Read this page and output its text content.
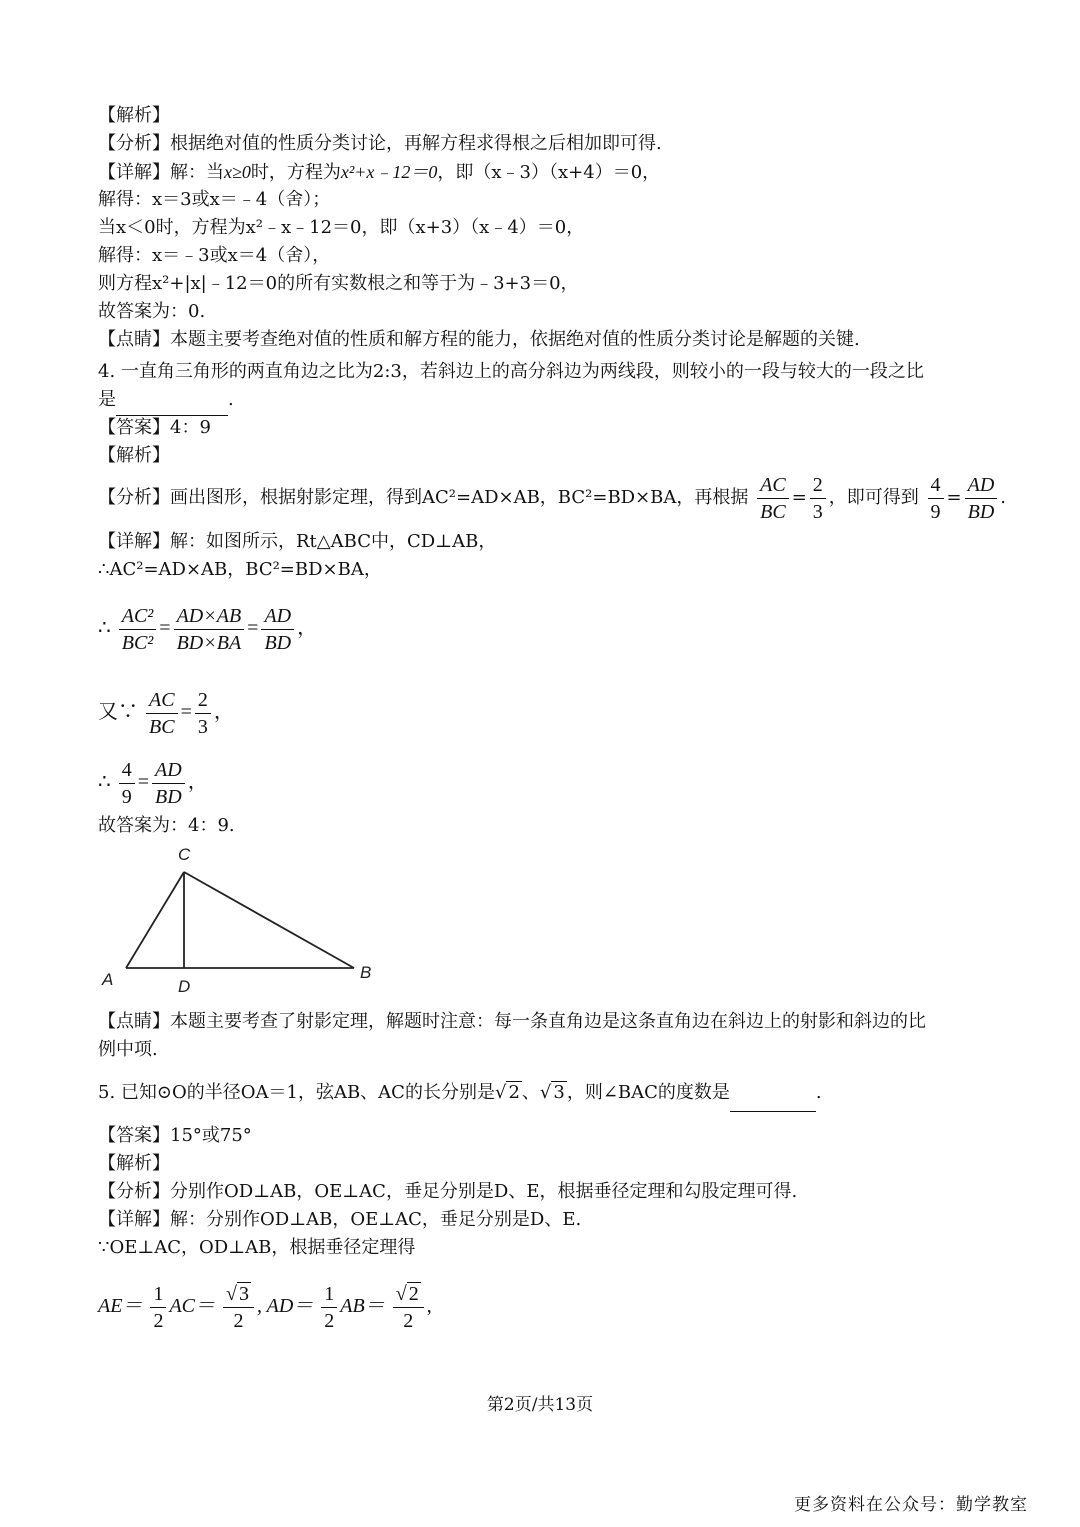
【解析】
【分析】根据绝对值的性质分类讨论，再解方程求得根之后相加即可得.
【详解】解：当x≥0时，方程为x²+x﹣12＝0，即（x﹣3）（x+4）＝0，
解得：x＝3或x＝﹣4（舍）；
当x＜0时，方程为x²﹣x﹣12＝0，即（x+3）（x﹣4）＝0，
解得：x＝﹣3或x＝4（舍），
则方程x²+|x|﹣12＝0的所有实数根之和等于为﹣3+3＝0，
故答案为：0.
【点睛】本题主要考查绝对值的性质和解方程的能力，依据绝对值的性质分类讨论是解题的关键.
4. 一直角三角形的两直角边之比为2:3，若斜边上的高分斜边为两线段，则较小的一段与较大的一段之比
是	.
【答案】4：9
【解析】
【分析】画出图形，根据射影定理，得到AC²=AD×AB，BC²=BD×BA，再根据 $\frac{AC}{BC} = \frac{2}{3}$ ，即可得到 $\frac{4}{9} = \frac{AD}{BD}$ .
【详解】解：如图所示，Rt△ABC中，CD⊥AB，
∴AC²=AD×AB，BC²=BD×BA，
∴ $\frac{\text{AC²}}{\text{BC²}} = \frac{AD\times AB}{BD\times BA} = \frac{AD}{BD}$ ，
又∵ $\frac{AC}{BC} = \frac{2}{3}$ ，
∴ $\frac{4}{9} = \frac{AD}{BD}$ ，
故答案为：4：9.
C
A	D
B
【点睛】本题主要考查了射影定理，解题时注意：每一条直角边是这条直角边在斜边上的射影和斜边的比
例中项.
5. 已知⊙O的半径OA＝1，弦AB、AC的长分别是√ 2 、√ 3 ，则∠BAC的度数是	.
【答案】15°或75°
【解析】
【分析】分别作OD⊥AB，OE⊥AC，垂足分别是D、E，根据垂径定理和勾股定理可得.
【详解】解：分别作OD⊥AB，OE⊥AC，垂足分别是D、E.
∵OE⊥AC，OD⊥AB，根据垂径定理得
$AE= \frac{1}{2} AC= \frac{√ 3}{2}$ , $AD= \frac{1}{2} AB= \frac{√ 2}{2}$ ,
第2页/共13页
更多资料在公众号：勤学教室
